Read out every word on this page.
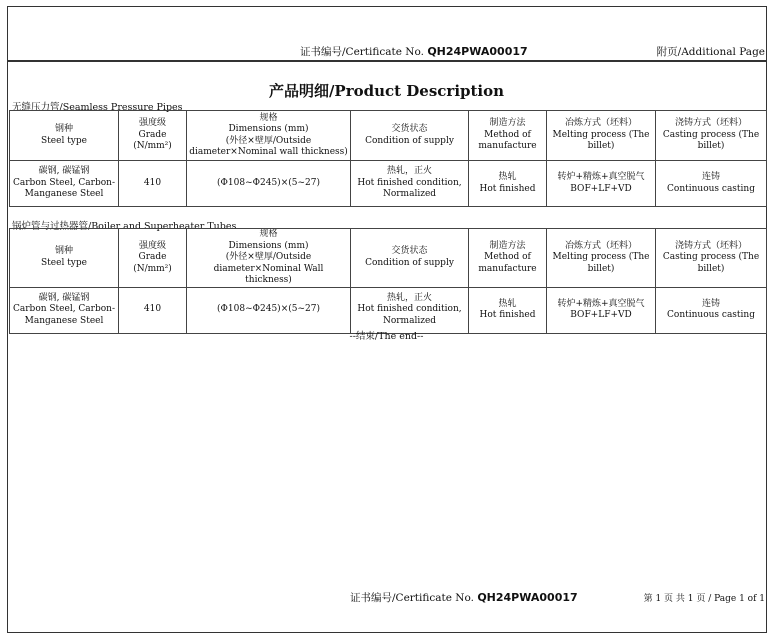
证书编号/Certificate No. QH24PWA00017	附页/Additional Page
产品明细/Product Description
无缝压力管/Seamless Pressure Pipes
钢种
Steel type	强度级
Grade
(N/mm²)	规格
Dimensions (mm)
(外径×壁厚/Outside
diameter×Nominal wall thickness)	交货状态
Condition of supply	制造方法
Method of
manufacture	冶炼方式（坯料）
Melting process (The
billet)	浇铸方式（坯料）
Casting process (The
billet)
碳钢, 碳锰钢
Carbon Steel, Carbon-
Manganese Steel	410	(Φ108~Φ245)×(5~27)	热轧，正火
Hot finished condition,
Normalized	热轧
Hot finished	转炉+精炼+真空脱气
BOF+LF+VD	连铸
Continuous casting
锅炉管与过热器管/Boiler and Superheater Tubes
钢种
Steel type	强度级
Grade
(N/mm²)	规格
Dimensions (mm)
(外径×壁厚/Outside
diameter×Nominal Wall thickness)	交货状态
Condition of supply	制造方法
Method of
manufacture	冶炼方式（坯料）
Melting process (The
billet)	浇铸方式（坯料）
Casting process (The
billet)
碳钢, 碳锰钢
Carbon Steel, Carbon-
Manganese Steel	410	(Φ108~Φ245)×(5~27)	热轧，正火
Hot finished condition,
Normalized	热轧
Hot finished	转炉+精炼+真空脱气
BOF+LF+VD	连铸
Continuous casting
--结束/The end--
证书编号/Certificate No. QH24PWA00017	第 1 页 共 1 页 / Page 1 of 1
